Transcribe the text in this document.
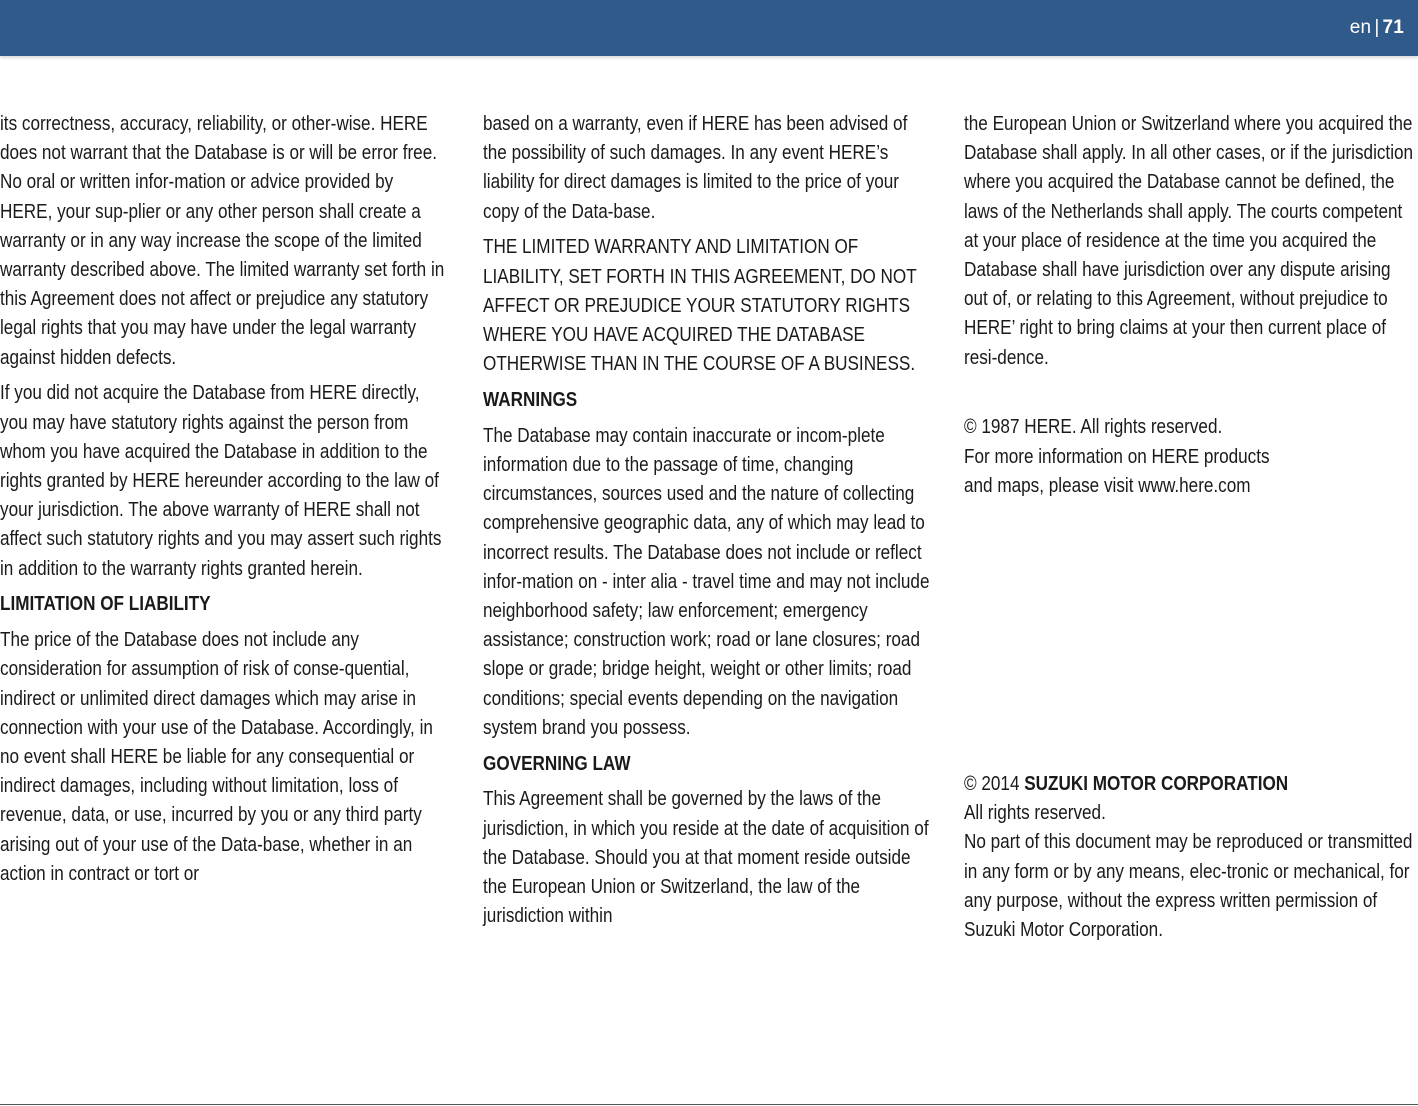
en | 71

its correctness, accuracy, reliability, or other-wise. HERE does not warrant that the Database is or will be error free. No oral or written infor-mation or advice provided by HERE, your sup-plier or any other person shall create a warranty or in any way increase the scope of the limited warranty described above. The limited warranty set forth in this Agreement does not affect or prejudice any statutory legal rights that you may have under the legal warranty against hidden defects.

If you did not acquire the Database from HERE directly, you may have statutory rights against the person from whom you have acquired the Database in addition to the rights granted by HERE hereunder according to the law of your jurisdiction. The above warranty of HERE shall not affect such statutory rights and you may assert such rights in addition to the warranty rights granted herein.

LIMITATION OF LIABILITY

The price of the Database does not include any consideration for assumption of risk of conse-quential, indirect or unlimited direct damages which may arise in connection with your use of the Database. Accordingly, in no event shall HERE be liable for any consequential or indirect damages, including without limitation, loss of revenue, data, or use, incurred by you or any third party arising out of your use of the Data-base, whether in an action in contract or tort or

based on a warranty, even if HERE has been advised of the possibility of such damages. In any event HERE’s liability for direct damages is limited to the price of your copy of the Data-base.

THE LIMITED WARRANTY AND LIMITATION OF LIABILITY, SET FORTH IN THIS AGREEMENT, DO NOT AFFECT OR PREJUDICE YOUR STATUTORY RIGHTS WHERE YOU HAVE ACQUIRED THE DATABASE OTHERWISE THAN IN THE COURSE OF A BUSINESS.

WARNINGS

The Database may contain inaccurate or incom-plete information due to the passage of time, changing circumstances, sources used and the nature of collecting comprehensive geographic data, any of which may lead to incorrect results. The Database does not include or reflect infor-mation on - inter alia - travel time and may not include neighborhood safety; law enforcement; emergency assistance; construction work; road or lane closures; road slope or grade; bridge height, weight or other limits; road conditions; special events depending on the navigation system brand you possess.

GOVERNING LAW

This Agreement shall be governed by the laws of the jurisdiction, in which you reside at the date of acquisition of the Database. Should you at that moment reside outside the European Union or Switzerland, the law of the jurisdiction within

the European Union or Switzerland where you acquired the Database shall apply. In all other cases, or if the jurisdiction where you acquired the Database cannot be defined, the laws of the Netherlands shall apply. The courts competent at your place of residence at the time you acquired the Database shall have jurisdiction over any dispute arising out of, or relating to this Agreement, without prejudice to HERE’ right to bring claims at your then current place of resi-dence.

© 1987 HERE. All rights reserved.
For more information on HERE products
and maps, please visit www.here.com
© 2014 SUZUKI MOTOR CORPORATION
All rights reserved.
No part of this document may be reproduced or transmitted in any form or by any means, elec-tronic or mechanical, for any purpose, without the express written permission of Suzuki Motor Corporation.
